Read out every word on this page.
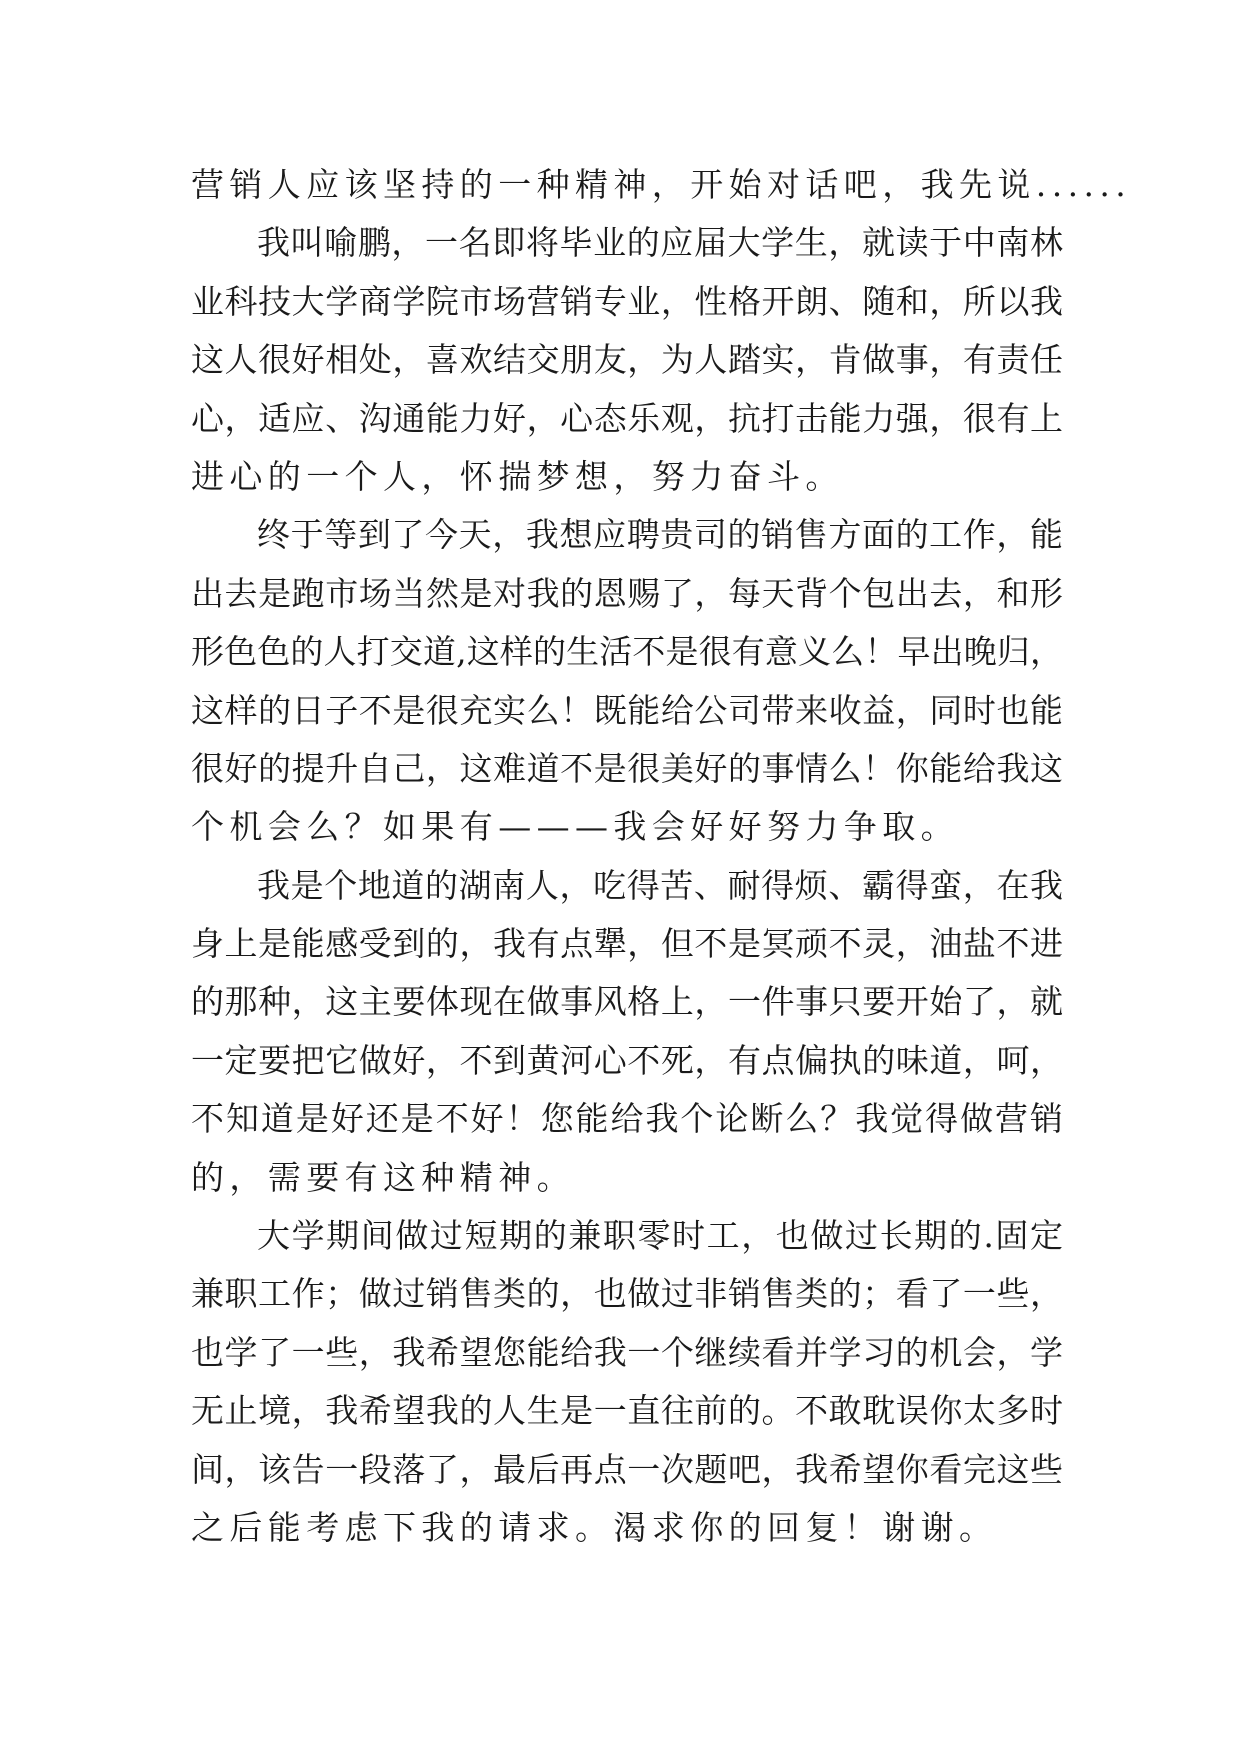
营销人应该坚持的一种精神，开始对话吧，我先说......
我叫喻鹏，一名即将毕业的应届大学生，就读于中南林
业科技大学商学院市场营销专业，性格开朗、随和，所以我
这人很好相处，喜欢结交朋友，为人踏实，肯做事，有责任
心，适应、沟通能力好，心态乐观，抗打击能力强，很有上
进心的一个人，怀揣梦想，努力奋斗。
终于等到了今天，我想应聘贵司的销售方面的工作，能
出去是跑市场当然是对我的恩赐了，每天背个包出去，和形
形色色的人打交道,这样的生活不是很有意义么！早出晚归，
这样的日子不是很充实么！既能给公司带来收益，同时也能
很好的提升自己，这难道不是很美好的事情么！你能给我这
个机会么？如果有———我会好好努力争取。
我是个地道的湖南人，吃得苦、耐得烦、霸得蛮，在我
身上是能感受到的，我有点犟，但不是冥顽不灵，油盐不进
的那种，这主要体现在做事风格上，一件事只要开始了，就
一定要把它做好，不到黄河心不死，有点偏执的味道，呵，
不知道是好还是不好！您能给我个论断么？我觉得做营销
的，需要有这种精神。
大学期间做过短期的兼职零时工，也做过长期的.固定
兼职工作；做过销售类的，也做过非销售类的；看了一些，
也学了一些，我希望您能给我一个继续看并学习的机会，学
无止境，我希望我的人生是一直往前的。不敢耽误你太多时
间，该告一段落了，最后再点一次题吧，我希望你看完这些
之后能考虑下我的请求。渴求你的回复！谢谢。
